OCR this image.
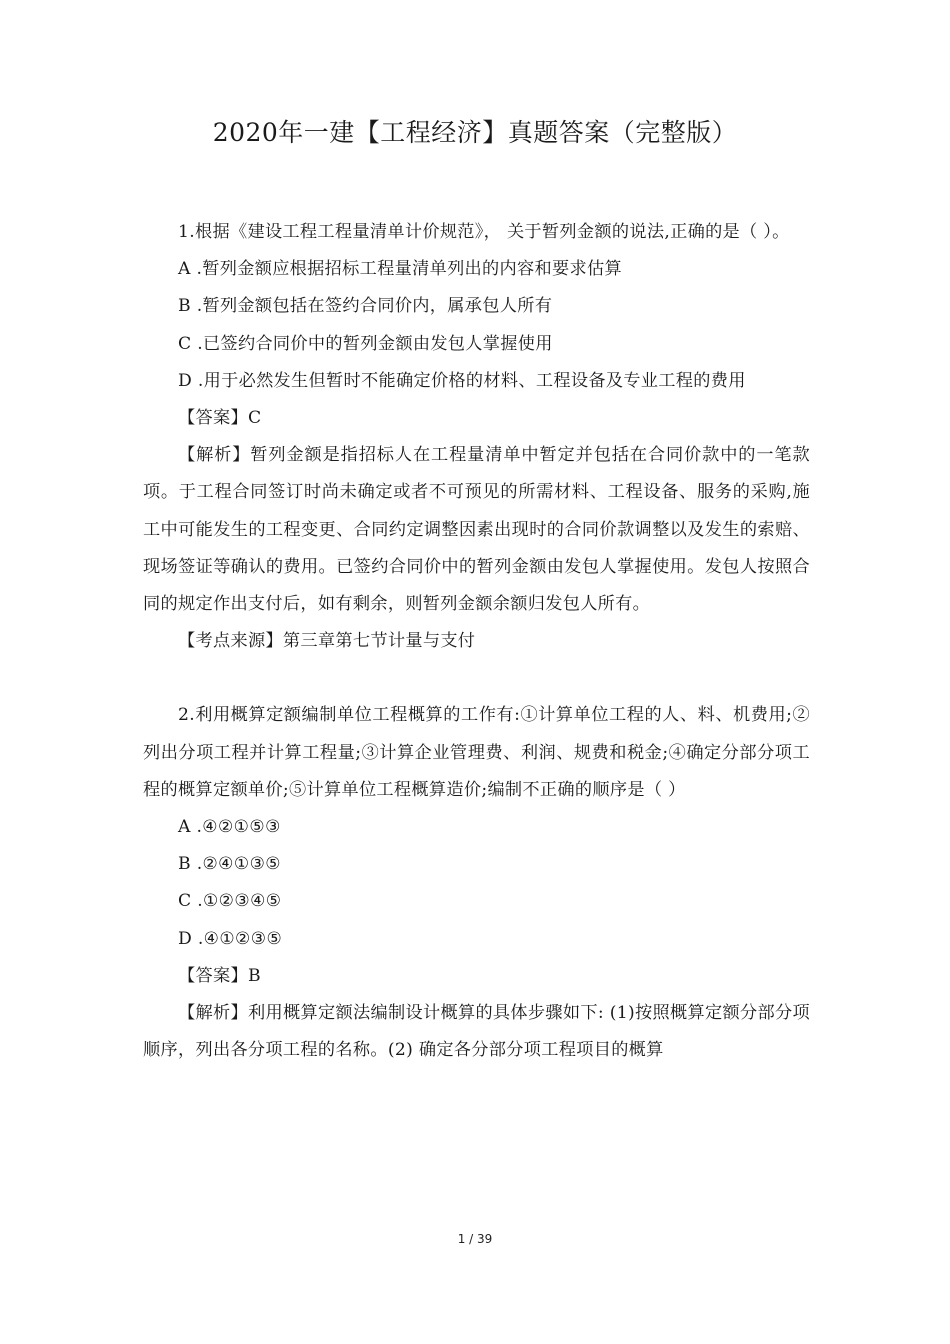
2020年一建【工程经济】真题答案（完整版）

1.根据《建设工程工程量清单计价规范》， 关于暂列金额的说法,正确的是（ ）。

A .暂列金额应根据招标工程量清单列出的内容和要求估算

B .暂列金额包括在签约合同价内，属承包人所有

C .已签约合同价中的暂列金额由发包人掌握使用

D .用于必然发生但暂时不能确定价格的材料、工程设备及专业工程的费用

【答案】C

【解析】暂列金额是指招标人在工程量清单中暂定并包括在合同价款中的一笔款项。于工程合同签订时尚未确定或者不可预见的所需材料、工程设备、服务的采购,施工中可能发生的工程变更、合同约定调整因素出现时的合同价款调整以及发生的索赔、现场签证等确认的费用。已签约合同价中的暂列金额由发包人掌握使用。发包人按照合同的规定作出支付后，如有剩余，则暂列金额余额归发包人所有。

【考点来源】第三章第七节计量与支付

2.利用概算定额编制单位工程概算的工作有:①计算单位工程的人、料、机费用;②列出分项工程并计算工程量;③计算企业管理费、利润、规费和税金;④确定分部分项工程的概算定额单价;⑤计算单位工程概算造价;编制不正确的顺序是（ ）

A .④②①⑤③

B .②④①③⑤

C .①②③④⑤

D .④①②③⑤

【答案】B

【解析】利用概算定额法编制设计概算的具体步骤如下: (1)按照概算定额分部分项顺序，列出各分项工程的名称。(2) 确定各分部分项工程项目的概算

1 / 39
